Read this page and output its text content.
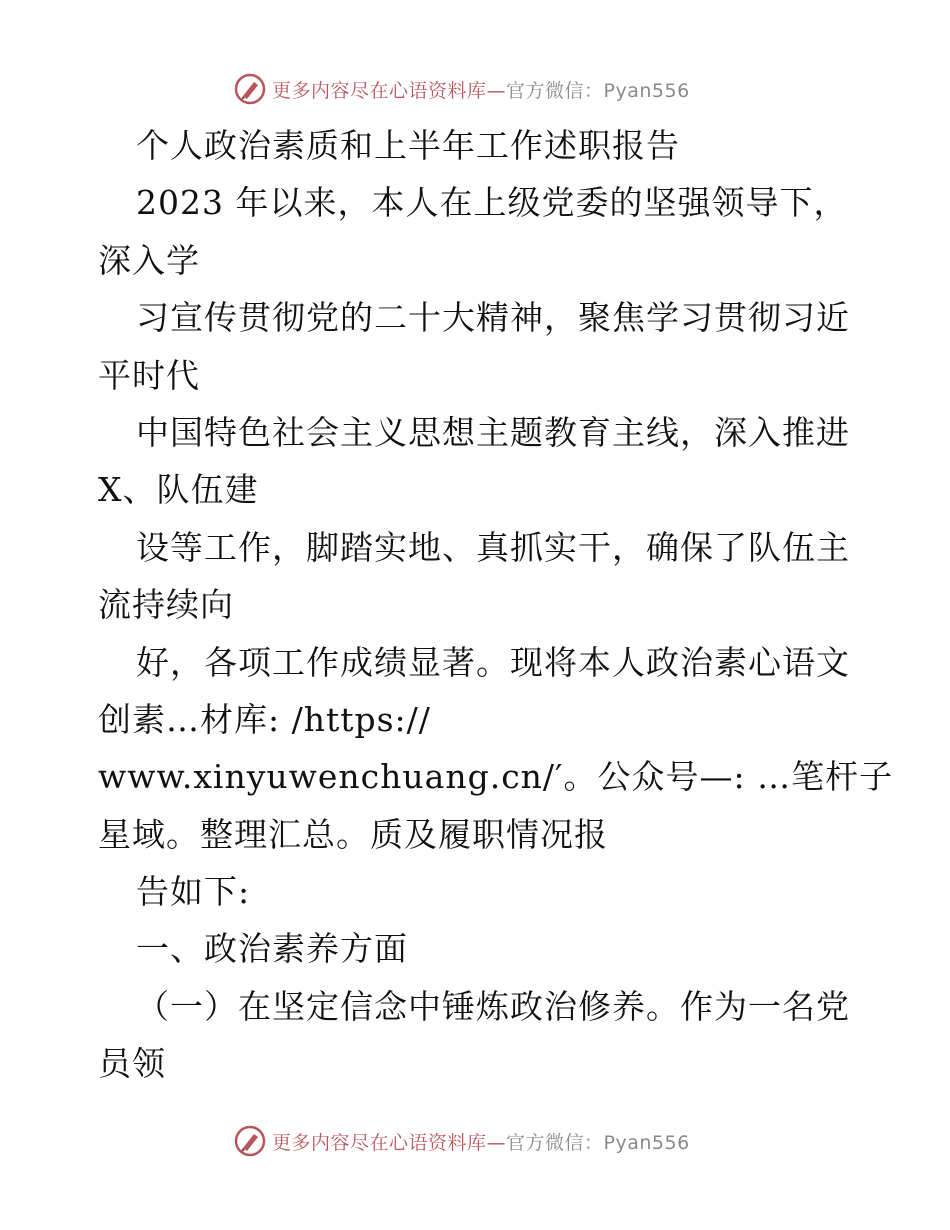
更多内容尽在心语资料库—官方微信：Pyan556
个人政治素质和上半年工作述职报告
2023 年以来，本人在上级党委的坚强领导下，
深入学
习宣传贯彻党的二十大精神，聚焦学习贯彻习近
平时代
中国特色社会主义思想主题教育主线，深入推进
X、队伍建
设等工作，脚踏实地、真抓实干，确保了队伍主
流持续向
好，各项工作成绩显著。现将本人政治素心语文
创素…材库: /https://
www.xinyuwenchuang.cn/′。公众号—: …笔杆子
星域。整理汇总。质及履职情况报
告如下:
一、政治素养方面
（一）在坚定信念中锤炼政治修养。作为一名党
员领
更多内容尽在心语资料库—官方微信：Pyan556
